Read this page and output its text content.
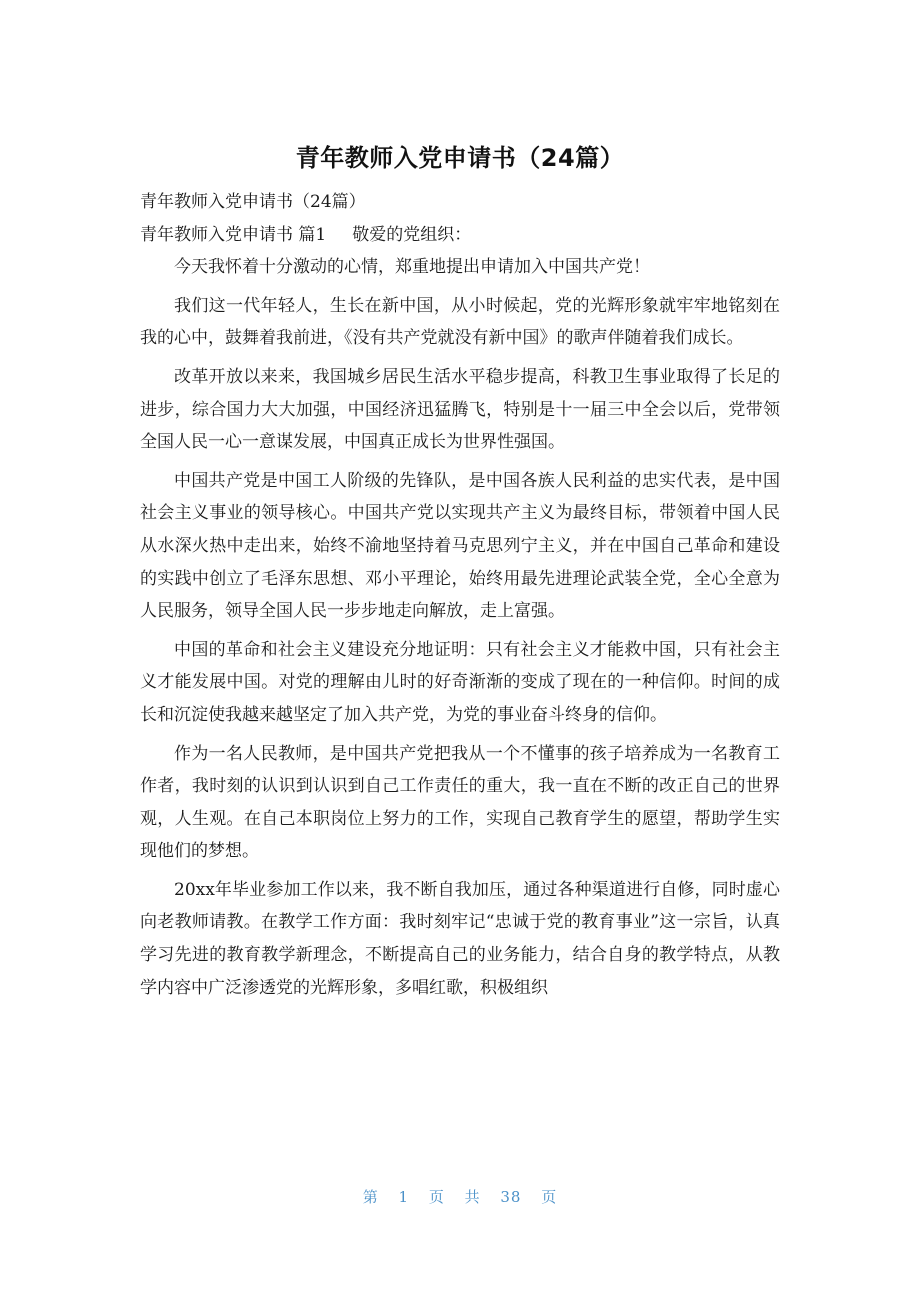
青年教师入党申请书（24篇）

青年教师入党申请书（24篇）

青年教师入党申请书 篇1 敬爱的党组织：

今天我怀着十分激动的心情，郑重地提出申请加入中国共产党！

我们这一代年轻人，生长在新中国，从小时候起，党的光辉形象就牢牢地铭刻在我的心中，鼓舞着我前进，《没有共产党就没有新中国》的歌声伴随着我们成长。

改革开放以来来，我国城乡居民生活水平稳步提高，科教卫生事业取得了长足的进步，综合国力大大加强，中国经济迅猛腾飞，特别是十一届三中全会以后，党带领全国人民一心一意谋发展，中国真正成长为世界性强国。

中国共产党是中国工人阶级的先锋队，是中国各族人民利益的忠实代表，是中国社会主义事业的领导核心。中国共产党以实现共产主义为最终目标，带领着中国人民从水深火热中走出来，始终不渝地坚持着马克思列宁主义，并在中国自己革命和建设的实践中创立了毛泽东思想、邓小平理论，始终用最先进理论武装全党，全心全意为人民服务，领导全国人民一步步地走向解放，走上富强。

中国的革命和社会主义建设充分地证明：只有社会主义才能救中国，只有社会主义才能发展中国。对党的理解由儿时的好奇渐渐的变成了现在的一种信仰。时间的成长和沉淀使我越来越坚定了加入共产党，为党的事业奋斗终身的信仰。

作为一名人民教师，是中国共产党把我从一个不懂事的孩子培养成为一名教育工作者，我时刻的认识到认识到自己工作责任的重大，我一直在不断的改正自己的世界观，人生观。在自己本职岗位上努力的工作，实现自己教育学生的愿望，帮助学生实现他们的梦想。

20xx年毕业参加工作以来，我不断自我加压，通过各种渠道进行自修，同时虚心向老教师请教。在教学工作方面：我时刻牢记“忠诚于党的教育事业”这一宗旨，认真学习先进的教育教学新理念，不断提高自己的业务能力，结合自身的教学特点，从教学内容中广泛渗透党的光辉形象，多唱红歌，积极组织

第 1 页 共 38 页
